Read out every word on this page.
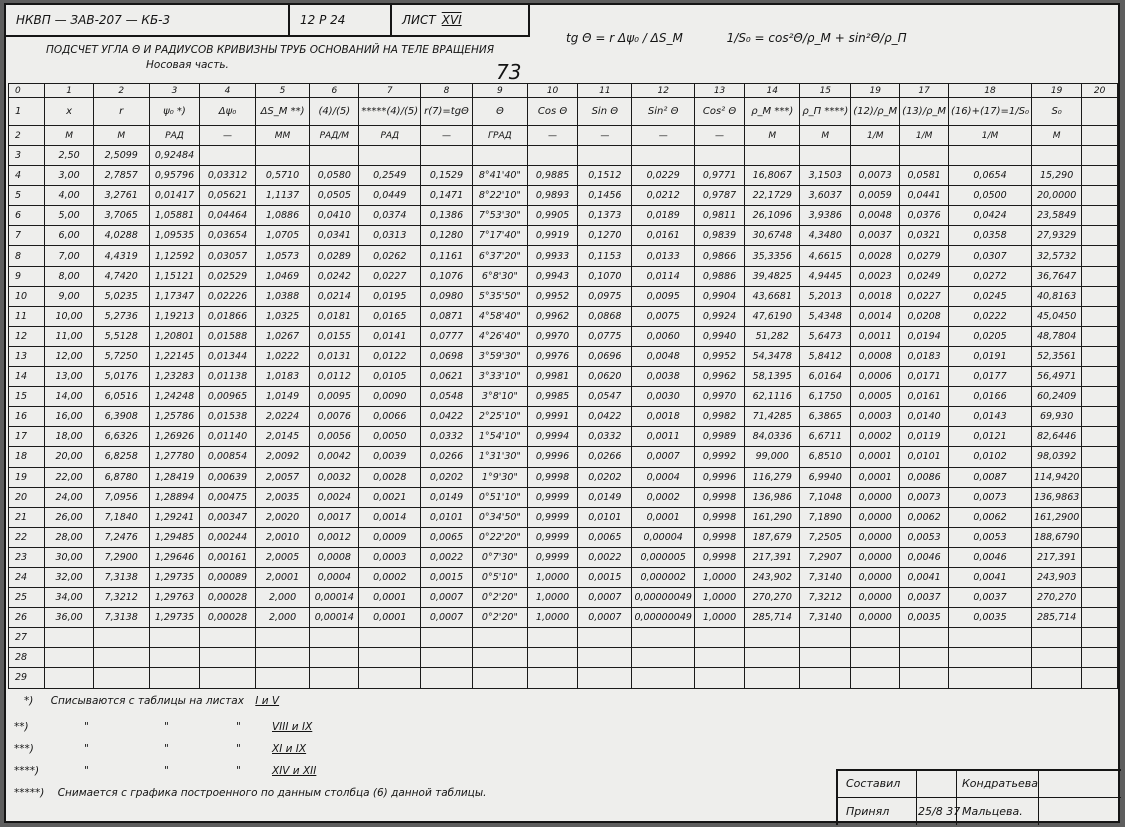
НКВП — ЗАВ-207 — КБ-3	12 Р 24	ЛИСТ XVI
ПОДСЧЕТ УГЛА Θ И РАДИУСОВ КРИВИЗНЫ ТРУБ ОСНОВАНИЙ НА ТЕЛЕ ВРАЩЕНИЯ
Носовая часть.	73
tg Θ = r Δψ₀ / ΔS_M	1/S₀ = cos²Θ/ρ_M + sin²Θ/ρ_П
0	1	2	3	4	5	6	7	8	9	10	11	12	13	14	15	19	17	18	19	20
1	x	r	ψ₀ *)	Δψ₀	ΔS_M **)	(4)/(5)	*****(4)/(5)	r(7)=tgΘ	Θ	Cos Θ	Sin Θ	Sin² Θ	Cos² Θ	ρ_M ***)	ρ_П ****)	(12)/ρ_M	(13)/ρ_M	(16)+(17)=1/S₀	S₀	
2	М	М	РАД	—	ММ	РАД/М	РАД	—	ГРАД	—	—	—	—	М	М	1/М	1/М	1/М	М	
3	2,50	2,5099	0,92484																	
4	3,00	2,7857	0,95796	0,03312	0,5710	0,0580	0,2549	0,1529	8°41'40"	0,9885	0,1512	0,0229	0,9771	16,8067	3,1503	0,0073	0,0581	0,0654	15,290	
5	4,00	3,2761	0,01417	0,05621	1,1137	0,0505	0,0449	0,1471	8°22'10"	0,9893	0,1456	0,0212	0,9787	22,1729	3,6037	0,0059	0,0441	0,0500	20,0000	
6	5,00	3,7065	1,05881	0,04464	1,0886	0,0410	0,0374	0,1386	7°53'30"	0,9905	0,1373	0,0189	0,9811	26,1096	3,9386	0,0048	0,0376	0,0424	23,5849	
7	6,00	4,0288	1,09535	0,03654	1,0705	0,0341	0,0313	0,1280	7°17'40"	0,9919	0,1270	0,0161	0,9839	30,6748	4,3480	0,0037	0,0321	0,0358	27,9329	
8	7,00	4,4319	1,12592	0,03057	1,0573	0,0289	0,0262	0,1161	6°37'20"	0,9933	0,1153	0,0133	0,9866	35,3356	4,6615	0,0028	0,0279	0,0307	32,5732	
9	8,00	4,7420	1,15121	0,02529	1,0469	0,0242	0,0227	0,1076	6°8'30"	0,9943	0,1070	0,0114	0,9886	39,4825	4,9445	0,0023	0,0249	0,0272	36,7647	
10	9,00	5,0235	1,17347	0,02226	1,0388	0,0214	0,0195	0,0980	5°35'50"	0,9952	0,0975	0,0095	0,9904	43,6681	5,2013	0,0018	0,0227	0,0245	40,8163	
11	10,00	5,2736	1,19213	0,01866	1,0325	0,0181	0,0165	0,0871	4°58'40"	0,9962	0,0868	0,0075	0,9924	47,6190	5,4348	0,0014	0,0208	0,0222	45,0450	
12	11,00	5,5128	1,20801	0,01588	1,0267	0,0155	0,0141	0,0777	4°26'40"	0,9970	0,0775	0,0060	0,9940	51,282	5,6473	0,0011	0,0194	0,0205	48,7804	
13	12,00	5,7250	1,22145	0,01344	1,0222	0,0131	0,0122	0,0698	3°59'30"	0,9976	0,0696	0,0048	0,9952	54,3478	5,8412	0,0008	0,0183	0,0191	52,3561	
14	13,00	5,0176	1,23283	0,01138	1,0183	0,0112	0,0105	0,0621	3°33'10"	0,9981	0,0620	0,0038	0,9962	58,1395	6,0164	0,0006	0,0171	0,0177	56,4971	
15	14,00	6,0516	1,24248	0,00965	1,0149	0,0095	0,0090	0,0548	3°8'10"	0,9985	0,0547	0,0030	0,9970	62,1116	6,1750	0,0005	0,0161	0,0166	60,2409	
16	16,00	6,3908	1,25786	0,01538	2,0224	0,0076	0,0066	0,0422	2°25'10"	0,9991	0,0422	0,0018	0,9982	71,4285	6,3865	0,0003	0,0140	0,0143	69,930	
17	18,00	6,6326	1,26926	0,01140	2,0145	0,0056	0,0050	0,0332	1°54'10"	0,9994	0,0332	0,0011	0,9989	84,0336	6,6711	0,0002	0,0119	0,0121	82,6446	
18	20,00	6,8258	1,27780	0,00854	2,0092	0,0042	0,0039	0,0266	1°31'30"	0,9996	0,0266	0,0007	0,9992	99,000	6,8510	0,0001	0,0101	0,0102	98,0392	
19	22,00	6,8780	1,28419	0,00639	2,0057	0,0032	0,0028	0,0202	1°9'30"	0,9998	0,0202	0,0004	0,9996	116,279	6,9940	0,0001	0,0086	0,0087	114,9420	
20	24,00	7,0956	1,28894	0,00475	2,0035	0,0024	0,0021	0,0149	0°51'10"	0,9999	0,0149	0,0002	0,9998	136,986	7,1048	0,0000	0,0073	0,0073	136,9863	
21	26,00	7,1840	1,29241	0,00347	2,0020	0,0017	0,0014	0,0101	0°34'50"	0,9999	0,0101	0,0001	0,9998	161,290	7,1890	0,0000	0,0062	0,0062	161,2900	
22	28,00	7,2476	1,29485	0,00244	2,0010	0,0012	0,0009	0,0065	0°22'20"	0,9999	0,0065	0,00004	0,9998	187,679	7,2505	0,0000	0,0053	0,0053	188,6790	
23	30,00	7,2900	1,29646	0,00161	2,0005	0,0008	0,0003	0,0022	0°7'30"	0,9999	0,0022	0,000005	0,9998	217,391	7,2907	0,0000	0,0046	0,0046	217,391	
24	32,00	7,3138	1,29735	0,00089	2,0001	0,0004	0,0002	0,0015	0°5'10"	1,0000	0,0015	0,000002	1,0000	243,902	7,3140	0,0000	0,0041	0,0041	243,903	
25	34,00	7,3212	1,29763	0,00028	2,000	0,00014	0,0001	0,0007	0°2'20"	1,0000	0,0007	0,00000049	1,0000	270,270	7,3212	0,0000	0,0037	0,0037	270,270	
26	36,00	7,3138	1,29735	0,00028	2,000	0,00014	0,0001	0,0007	0°2'20"	1,0000	0,0007	0,00000049	1,0000	285,714	7,3140	0,0000	0,0035	0,0035	285,714	
27																				
28																				
29																				
*) Списываются с таблицы на листах I и V
**)	"	"	"	VIII и IX
***)	"	"	"	XI и IX
****)	"	"	"	XIV и XII
*****) Снимается с графика построенного по данным столбца (6) данной таблицы.
Составил	Кондратьева
Принял	25/8 37 Мальцева.
